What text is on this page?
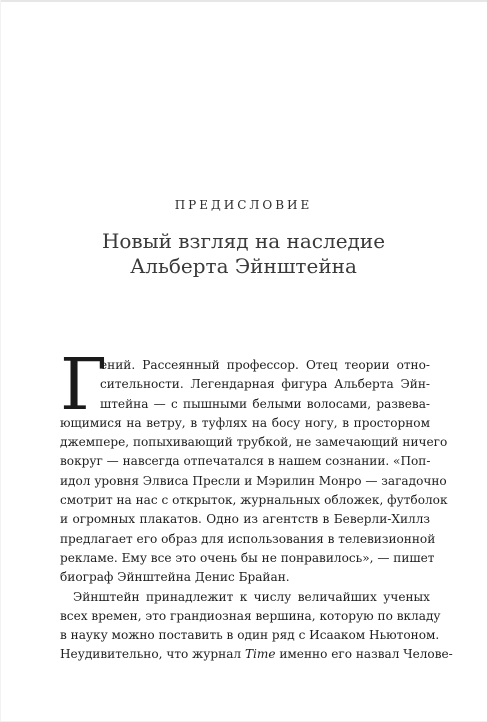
ПРЕДИСЛОВИЕ
Новый взгляд на наследие
Альберта Эйнштейна
Г
ений. Рассеянный профессор. Отец теории отно-
сительности. Легендарная фигура Альберта Эйн-
штейна — с пышными белыми волосами, развева-
ющимися на ветру, в туфлях на босу ногу, в просторном
джемпере, попыхивающий трубкой, не замечающий ничего
вокруг — навсегда отпечатался в нашем сознании. «Поп-
идол уровня Элвиса Пресли и Мэрилин Монро — загадочно
смотрит на нас с открыток, журнальных обложек, футболок
и огромных плакатов. Одно из агентств в Беверли-Хиллз
предлагает его образ для использования в телевизионной
рекламе. Ему все это очень бы не понравилось», — пишет
биограф Эйнштейна Денис Брайан.
Эйнштейн принадлежит к числу величайших ученых
всех времен, это грандиозная вершина, которую по вкладу
в науку можно поставить в один ряд с Исааком Ньютоном.
Неудивительно, что журнал Time именно его назвал Челове-
